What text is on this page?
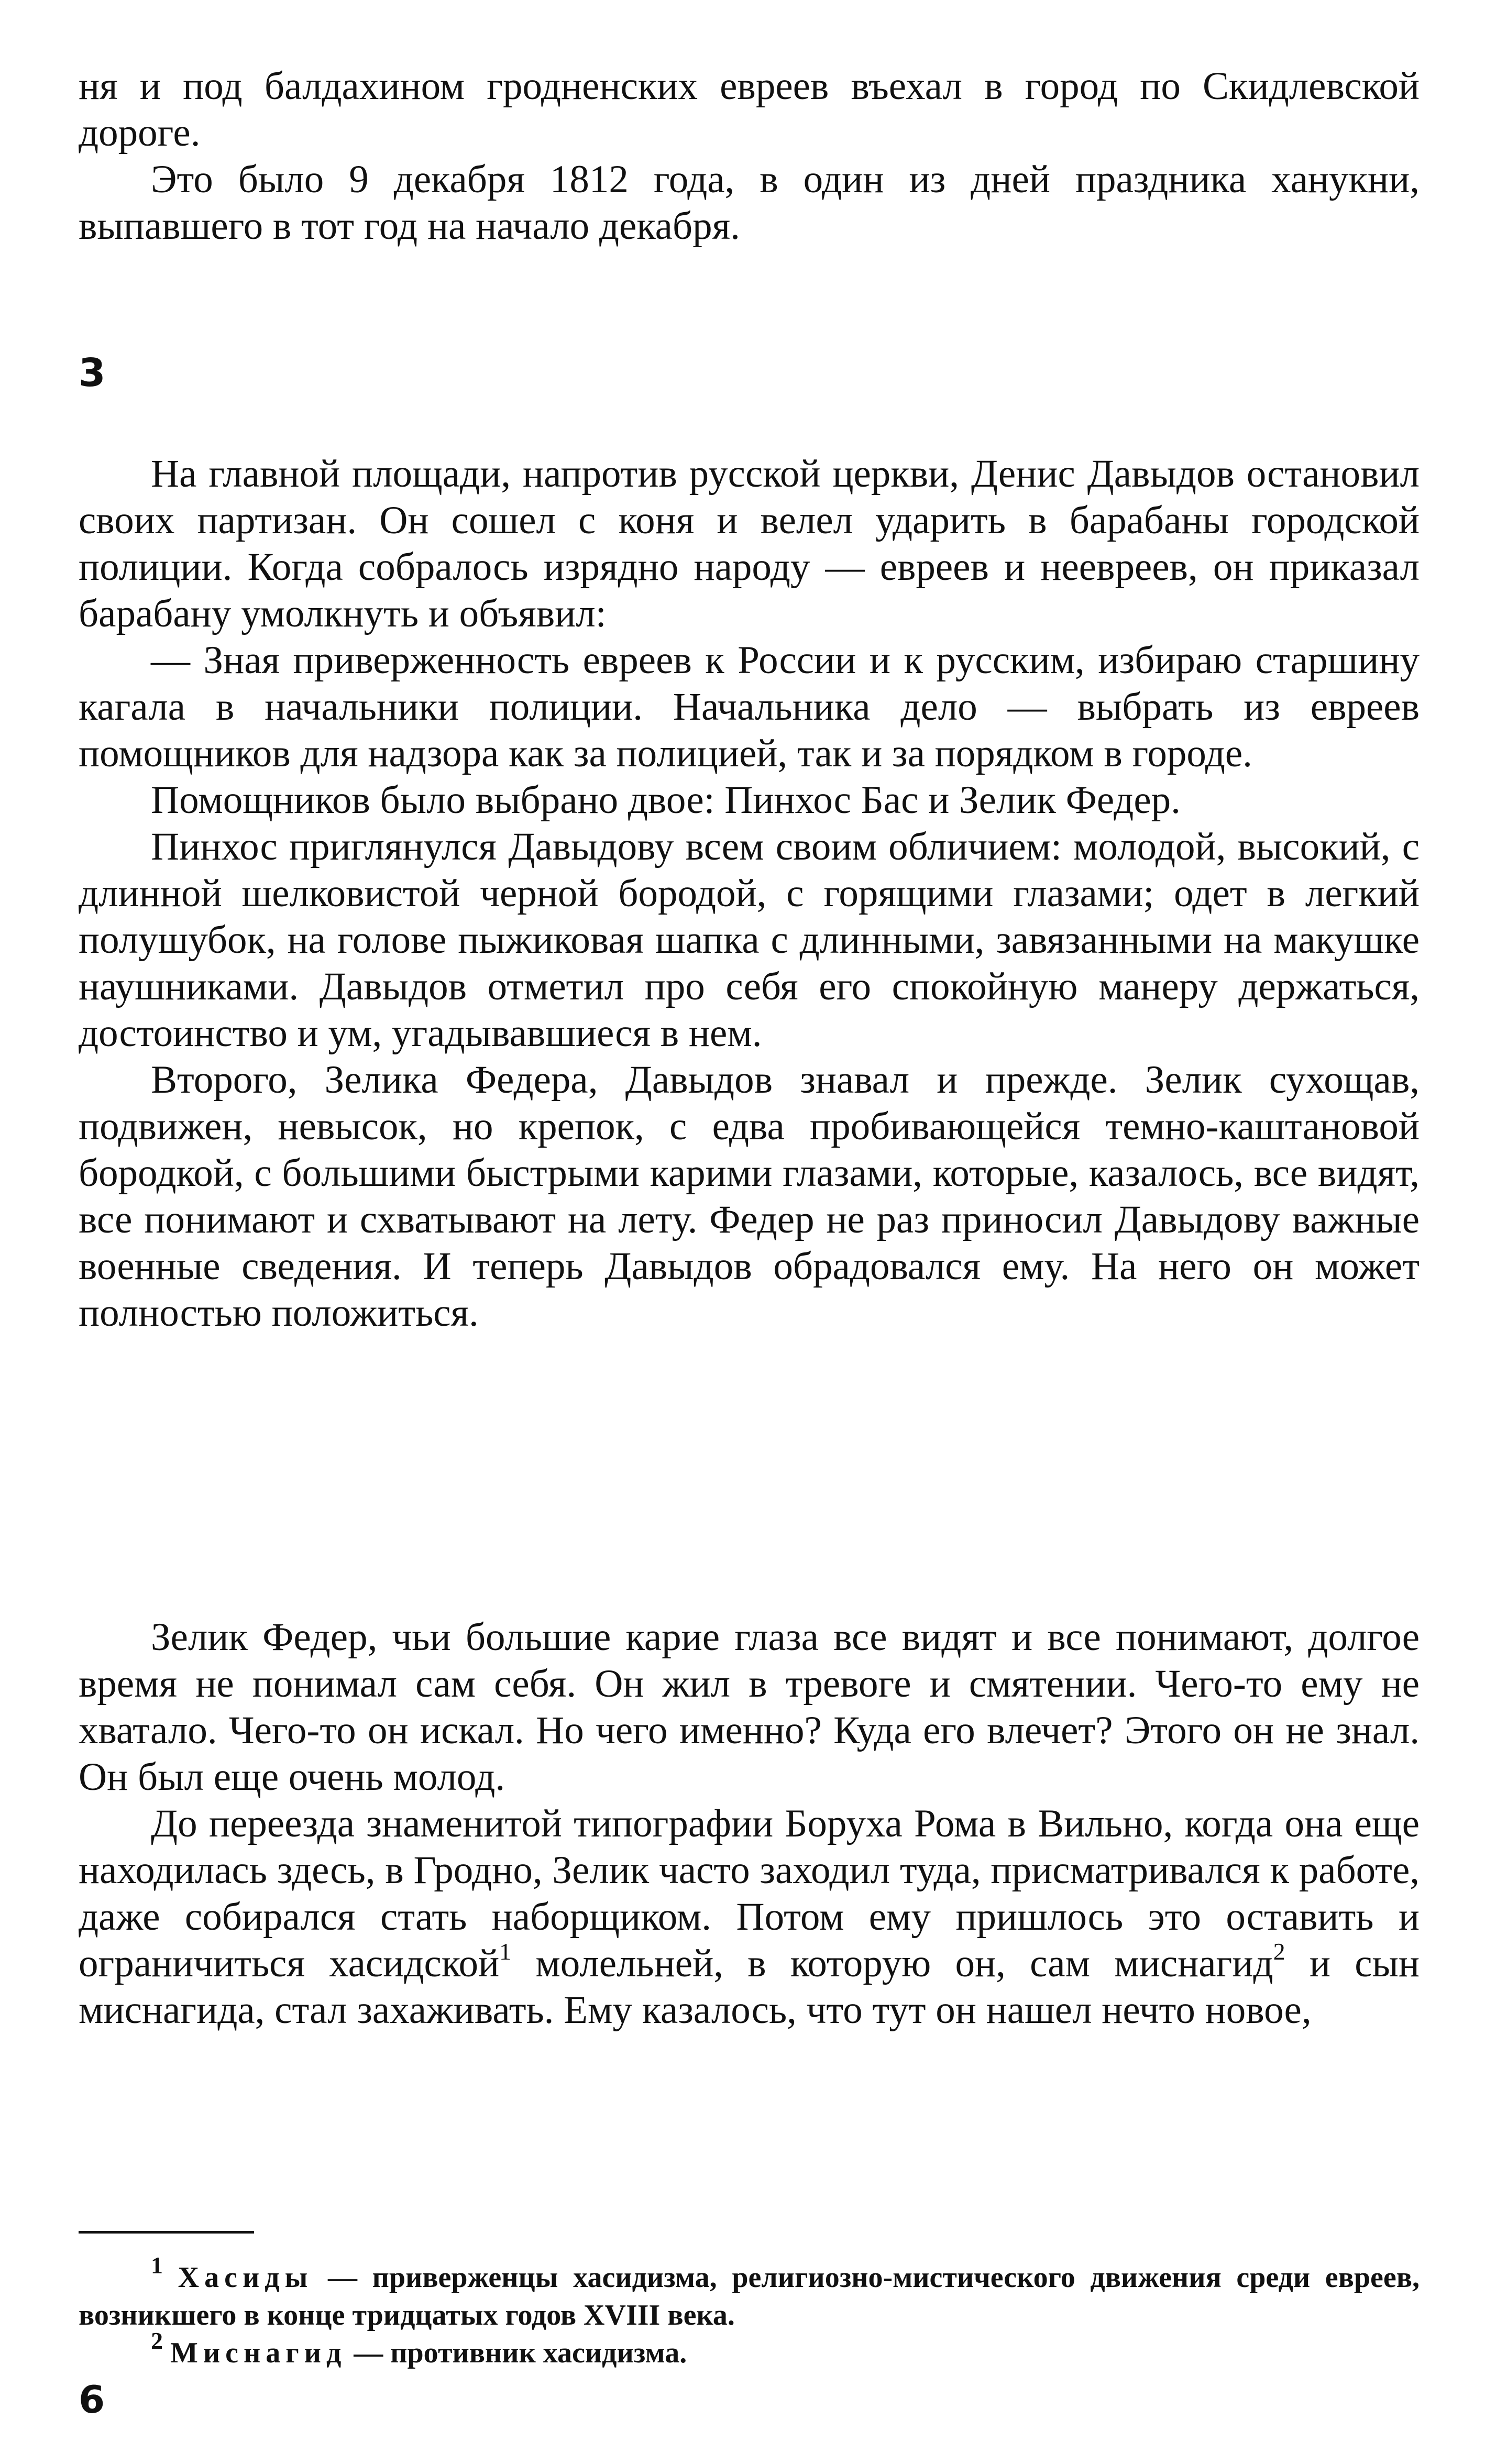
ня и под балдахином гродненских евреев въехал в город по Скидлевской дороге.

Это было 9 декабря 1812 года, в один из дней праздника ханукни, выпавшего в тот год на начало декабря.

3

На главной площади, напротив русской церкви, Денис Давыдов остановил своих партизан. Он сошел с коня и велел ударить в барабаны городской полиции. Когда собралось изрядно народу — евреев и неевреев, он приказал барабану умолкнуть и объявил:

— Зная приверженность евреев к России и к русским, избираю старшину кагала в начальники полиции. Начальника дело — выбрать из евреев помощников для надзора как за полицией, так и за порядком в городе.

Помощников было выбрано двое: Пинхос Бас и Зелик Федер.

Пинхос приглянулся Давыдову всем своим обличием: молодой, высокий, с длинной шелковистой черной бородой, с горящими глазами; одет в легкий полушубок, на голове пыжиковая шапка с длинными, завязанными на макушке наушниками. Давыдов отметил про себя его спокойную манеру держаться, достоинство и ум, угадывавшиеся в нем.

Второго, Зелика Федера, Давыдов знавал и прежде. Зелик сухощав, подвижен, невысок, но крепок, с едва пробивающейся темно-каштановой бородкой, с большими быстрыми карими глазами, которые, казалось, все видят, все понимают и схватывают на лету. Федер не раз приносил Давыдову важные военные сведения. И теперь Давыдов обрадовался ему. На него он может полностью положиться.

Зелик Федер, чьи большие карие глаза все видят и все понимают, долгое время не понимал сам себя. Он жил в тревоге и смятении. Чего-то ему не хватало. Чего-то он искал. Но чего именно? Куда его влечет? Этого он не знал. Он был еще очень молод.

До переезда знаменитой типографии Боруха Рома в Вильно, когда она еще находилась здесь, в Гродно, Зелик часто заходил туда, присматривался к работе, даже собирался стать наборщиком. Потом ему пришлось это оставить и ограничиться хасидской$^1$ молельней, в которую он, сам миснагид$^2$ и сын миснагида, стал захаживать. Ему казалось, что тут он нашел нечто новое,

$^1$ Хасиды — приверженцы хасидизма, религиозно-мистического движения среди евреев, возникшего в конце тридцатых годов XVIII века.

$^2$ Миснагид — противник хасидизма.

6
